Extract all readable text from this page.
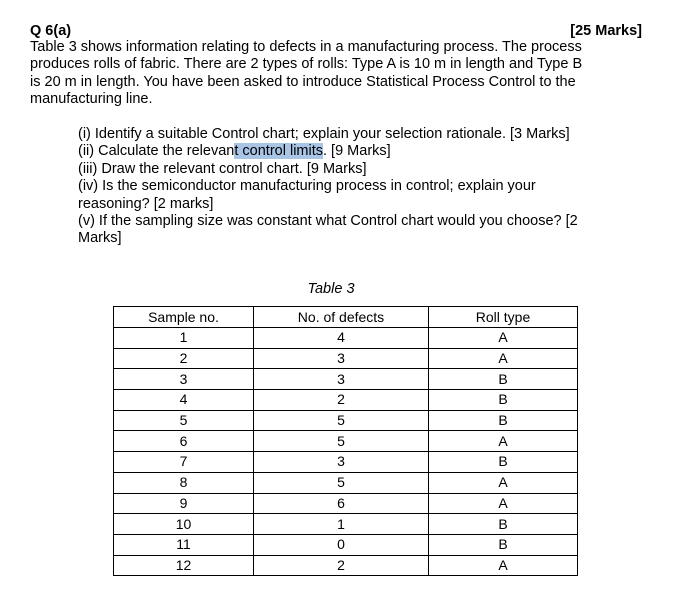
Q 6(a)	[25 Marks]
Table 3 shows information relating to defects in a manufacturing process. The process
produces rolls of fabric. There are 2 types of rolls: Type A is 10 m in length and Type B
is 20 m in length. You have been asked to introduce Statistical Process Control to the
manufacturing line.
(i) Identify a suitable Control chart; explain your selection rationale. [3 Marks]
(ii) Calculate the relevant control limits. [9 Marks]
(iii) Draw the relevant control chart. [9 Marks]
(iv) Is the semiconductor manufacturing process in control; explain your
reasoning? [2 marks]
(v) If the sampling size was constant what Control chart would you choose? [2
Marks]
Table 3
Sample no.	No. of defects	Roll type
1	4	A
2	3	A
3	3	B
4	2	B
5	5	B
6	5	A
7	3	B
8	5	A
9	6	A
10	1	B
11	0	B
12	2	A
